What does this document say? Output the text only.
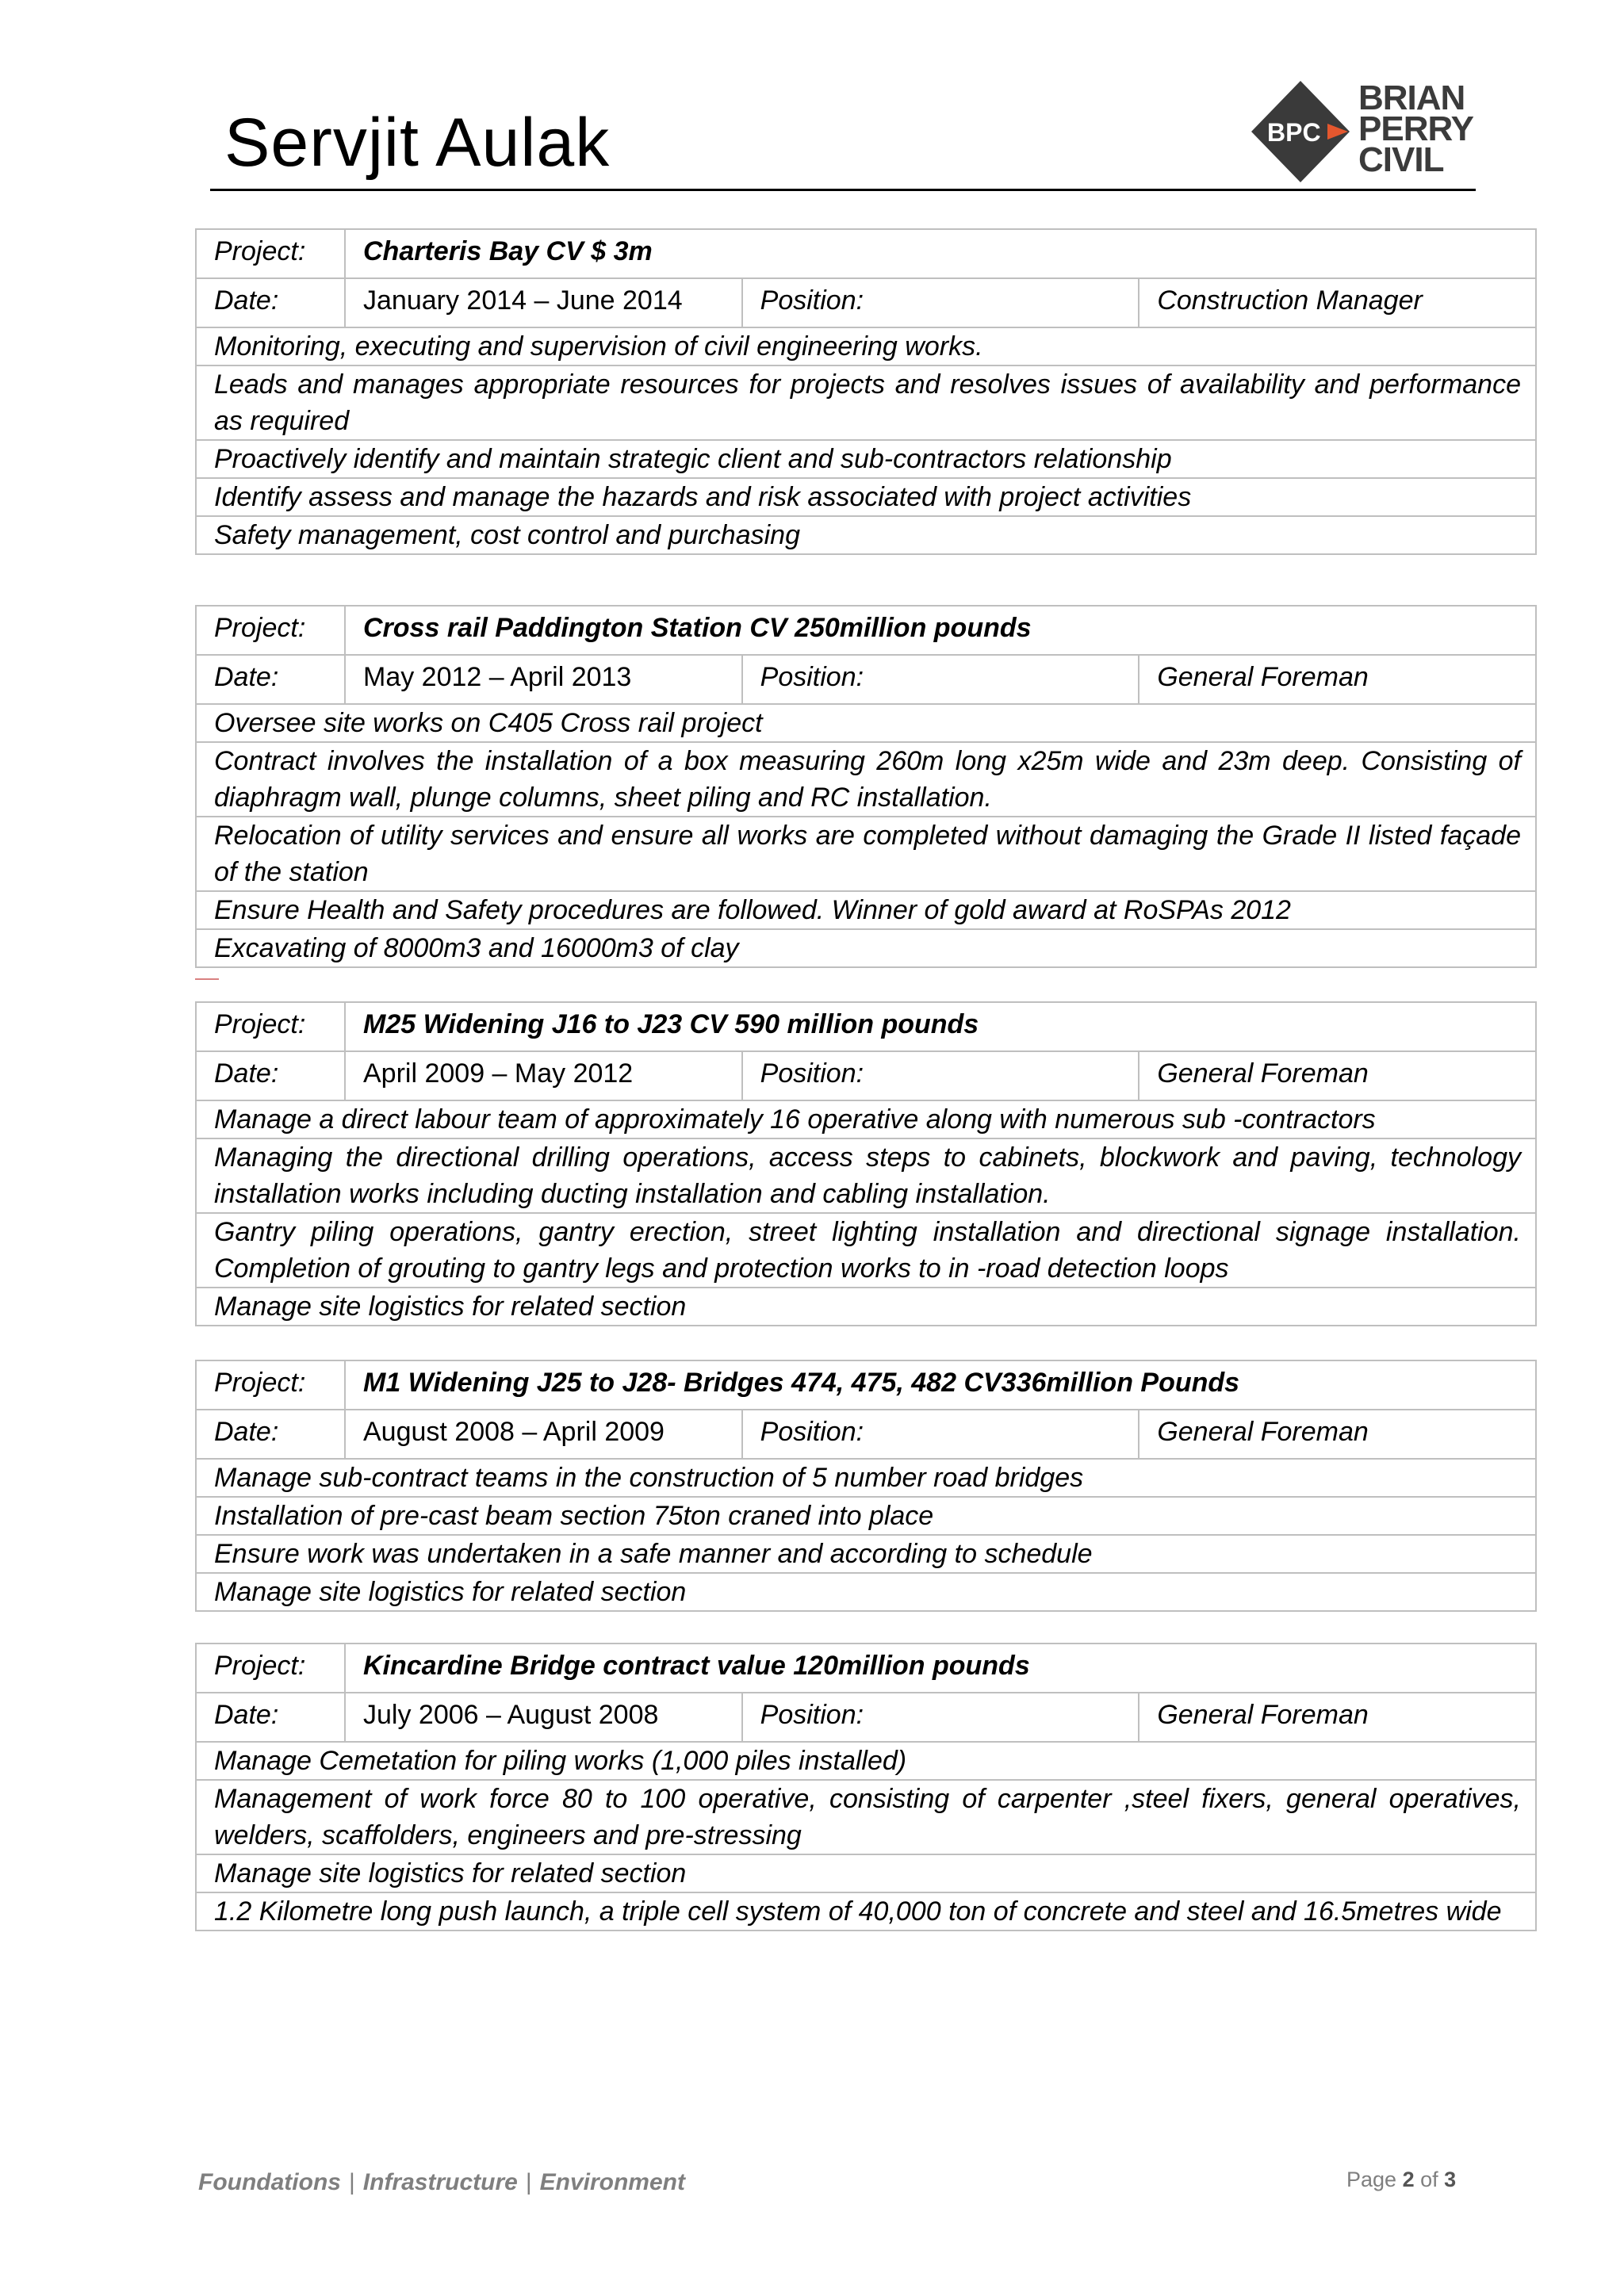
Servjit Aulak	BPC
BRIAN
PERRY
CIVIL
Project:	Charteris Bay CV $ 3m		
Date:	January 2014 – June 2014	Position:	Construction Manager
Monitoring, executing and supervision of civil engineering works.			
Leads and manages appropriate resources for projects and resolves issues of availability and performance as required			
Proactively identify and maintain strategic client and sub-contractors relationship			
Identify assess and manage the hazards and risk associated with project activities			
Safety management, cost control and purchasing			
Project:	Cross rail Paddington Station CV 250million pounds		
Date:	May 2012 – April 2013	Position:	General Foreman
Oversee site works on C405 Cross rail project			
Contract involves the installation of a box measuring 260m long x25m wide and 23m deep. Consisting of diaphragm wall, plunge columns, sheet piling and RC installation.			
Relocation of utility services and ensure all works are completed without damaging the Grade II listed façade of the station			
Ensure Health and Safety procedures are followed. Winner of gold award at RoSPAs 2012			
Excavating of 8000m3 and 16000m3 of clay			
Project:	M25 Widening J16 to J23 CV 590 million pounds		
Date:	April 2009 – May 2012	Position:	General Foreman
Manage a direct labour team of approximately 16 operative along with numerous sub -contractors			
Managing the directional drilling operations, access steps to cabinets, blockwork and paving, technology installation works including ducting installation and cabling installation.			
Gantry piling operations, gantry erection, street lighting installation and directional signage installation. Completion of grouting to gantry legs and protection works to in -road detection loops			
Manage site logistics for related section			
Project:	M1 Widening J25 to J28- Bridges 474, 475, 482 CV336million Pounds		
Date:	August 2008 – April 2009	Position:	General Foreman
Manage sub-contract teams in the construction of 5 number road bridges			
Installation of pre-cast beam section 75ton craned into place			
Ensure work was undertaken in a safe manner and according to schedule			
Manage site logistics for related section			
Project:	Kincardine Bridge contract value 120million pounds		
Date:	July 2006 – August 2008	Position:	General Foreman
Manage Cemetation for piling works (1,000 piles installed)			
Management of work force 80 to 100 operative, consisting of carpenter ,steel fixers, general operatives, welders, scaffolders, engineers and pre-stressing			
Manage site logistics for related section			
1.2 Kilometre long push launch, a triple cell system of 40,000 ton of concrete and steel and 16.5metres wide			
Foundations | Infrastructure | Environment	Page 2 of 3
